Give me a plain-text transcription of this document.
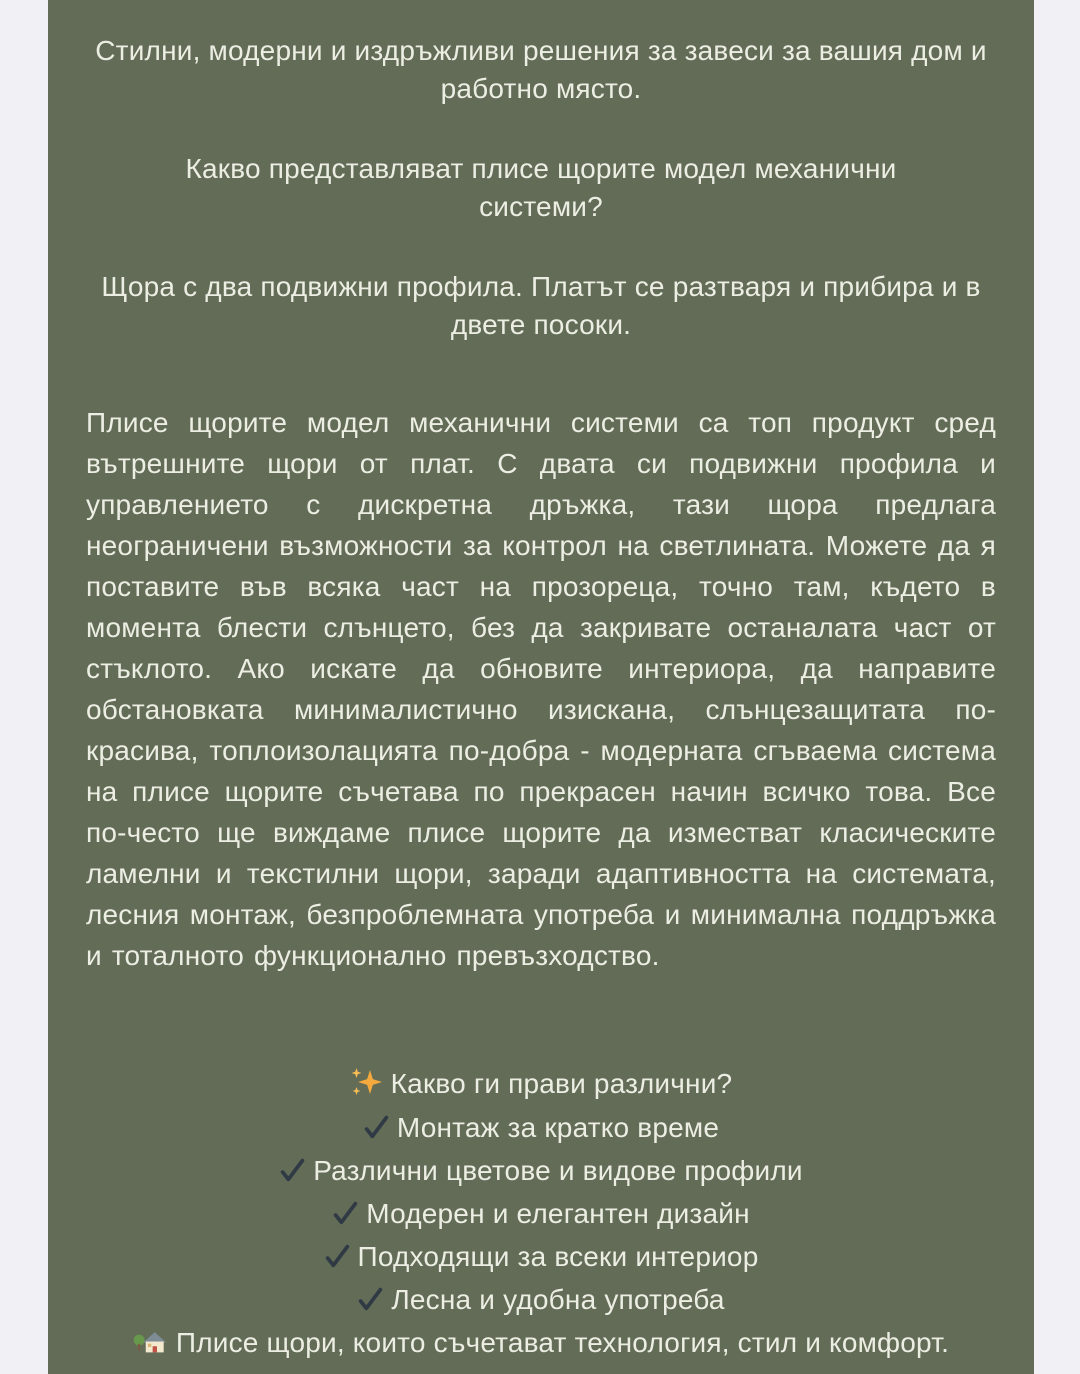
Стилни, модерни и издръжливи решения за завеси за вашия дом и
работно място.
Какво представляват плисе щорите модел механични
системи?
Щора с два подвижни профила. Платът се разтваря и прибира и в
двете посоки.
Плисе щорите модел механични системи са топ продукт сред вътрешните щори от плат. С двата си подвижни профила и управлението с дискретна дръжка, тази щора предлага неограничени възможности за контрол на светлината. Можете да я поставите във всяка част на прозореца, точно там, където в момента блести слънцето, без да закривате останалата част от стъклото. Ако искате да обновите интериора, да направите обстановката минималистично изискана, слънцезащитата по-красива, топлоизолацията по-добра - модерната сгъваема система на плисе щорите съчетава по прекрасен начин всичко това. Все по-често ще виждаме плисе щорите да изместват класическите ламелни и текстилни щори, заради адаптивността на системата, лесния монтаж, безпроблемната употреба и минимална поддръжка и тоталното функционално превъзходство.
Какво ги прави различни?
Монтаж за кратко време
Различни цветове и видове профили
Модерен и елегантен дизайн
Подходящи за всеки интериор
Лесна и удобна употреба
Плисе щори, които съчетават технология, стил и комфорт.
